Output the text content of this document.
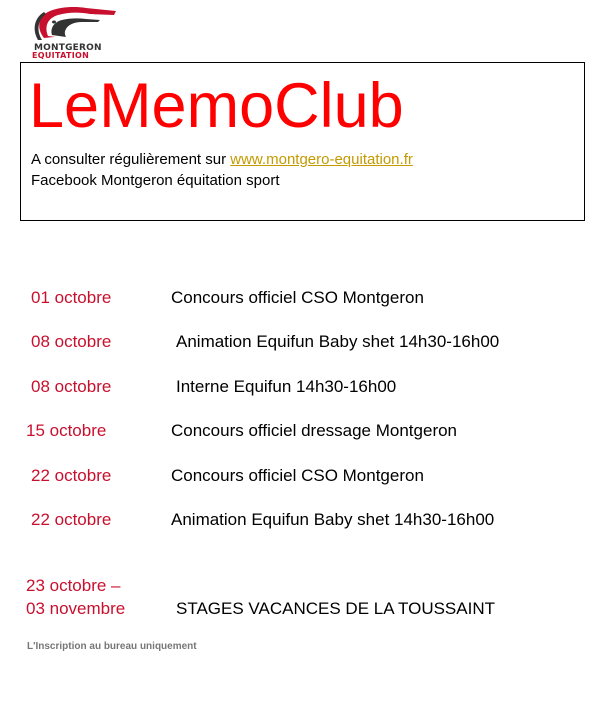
MONTGERON
EQUITATION
LeMemoClub
A consulter régulièrement sur www.montgero-equitation.fr
Facebook Montgeron équitation sport
01 octobre	Concours officiel CSO Montgeron
08 octobre	Animation Equifun Baby shet 14h30-16h00
08 octobre	Interne Equifun 14h30-16h00
15 octobre	Concours officiel dressage Montgeron
22 octobre	Concours officiel CSO Montgeron
22 octobre	Animation Equifun Baby shet 14h30-16h00
23 octobre –
03 novembre	STAGES VACANCES DE LA TOUSSAINT
L'Inscription au bureau uniquement
